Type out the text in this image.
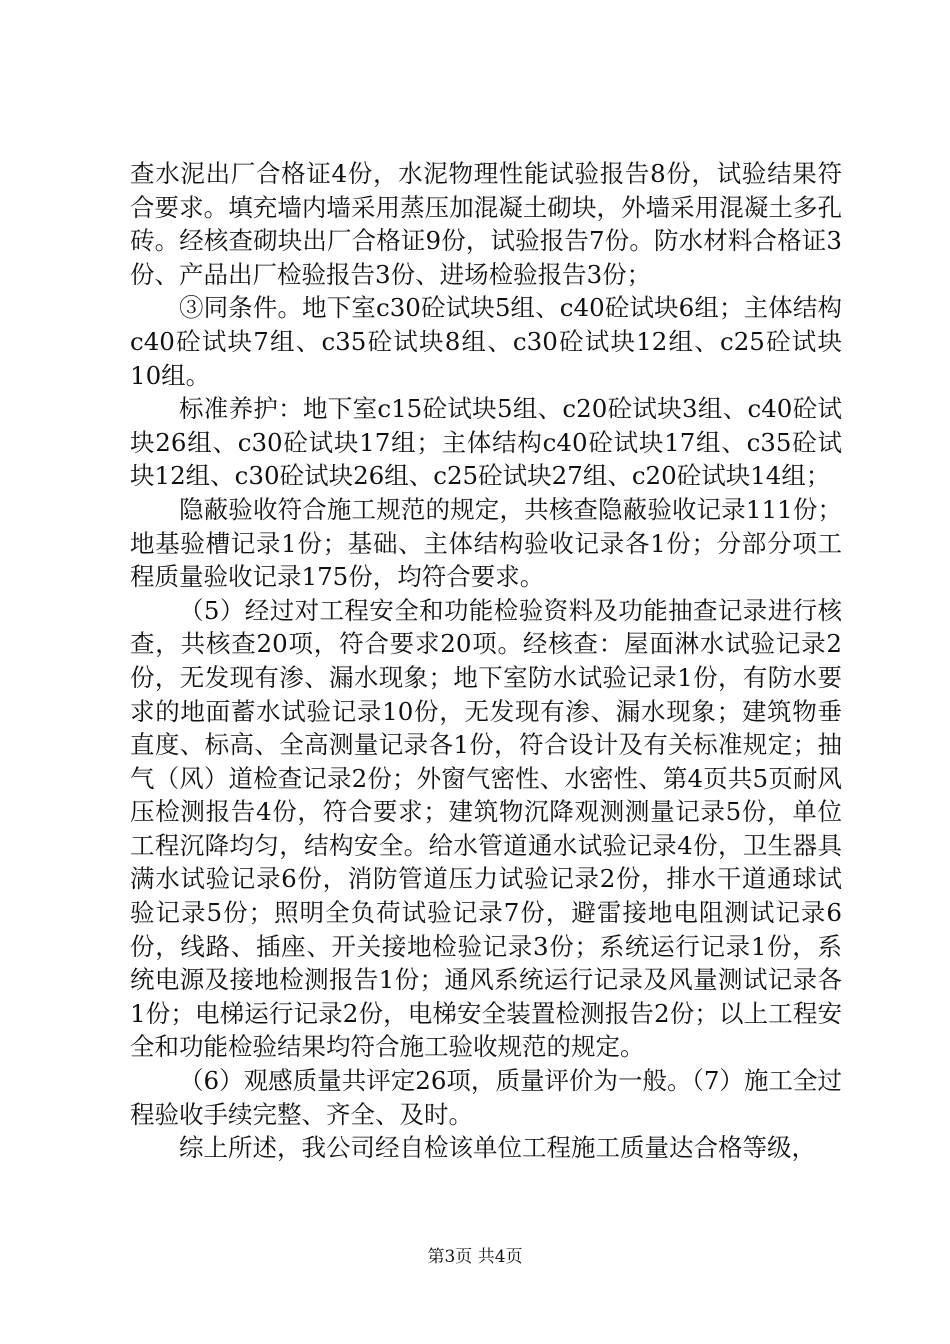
查水泥出厂合格证4份，水泥物理性能试验报告8份，试验结果符合要求。填充墙内墙采用蒸压加混凝土砌块，外墙采用混凝土多孔砖。经核查砌块出厂合格证9份，试验报告7份。防水材料合格证3份、产品出厂检验报告3份、进场检验报告3份；

③同条件。地下室c30砼试块5组、c40砼试块6组；主体结构c40砼试块7组、c35砼试块8组、c30砼试块12组、c25砼试块10组。

标准养护：地下室c15砼试块5组、c20砼试块3组、c40砼试块26组、c30砼试块17组；主体结构c40砼试块17组、c35砼试块12组、c30砼试块26组、c25砼试块27组、c20砼试块14组；

隐蔽验收符合施工规范的规定，共核查隐蔽验收记录111份；地基验槽记录1份；基础、主体结构验收记录各1份；分部分项工程质量验收记录175份，均符合要求。

（5）经过对工程安全和功能检验资料及功能抽查记录进行核查，共核查20项，符合要求20项。经核查：屋面淋水试验记录2份，无发现有渗、漏水现象；地下室防水试验记录1份，有防水要求的地面蓄水试验记录10份，无发现有渗、漏水现象；建筑物垂直度、标高、全高测量记录各1份，符合设计及有关标准规定；抽气（风）道检查记录2份；外窗气密性、水密性、第4页共5页耐风压检测报告4份，符合要求；建筑物沉降观测测量记录5份，单位工程沉降均匀，结构安全。给水管道通水试验记录4份，卫生器具满水试验记录6份，消防管道压力试验记录2份，排水干道通球试验记录5份；照明全负荷试验记录7份，避雷接地电阻测试记录6份，线路、插座、开关接地检验记录3份；系统运行记录1份，系统电源及接地检测报告1份；通风系统运行记录及风量测试记录各1份；电梯运行记录2份，电梯安全装置检测报告2份；以上工程安全和功能检验结果均符合施工验收规范的规定。

（6）观感质量共评定26项，质量评价为一般。（7）施工全过程验收手续完整、齐全、及时。

综上所述，我公司经自检该单位工程施工质量达合格等级，

第3页 共4页
